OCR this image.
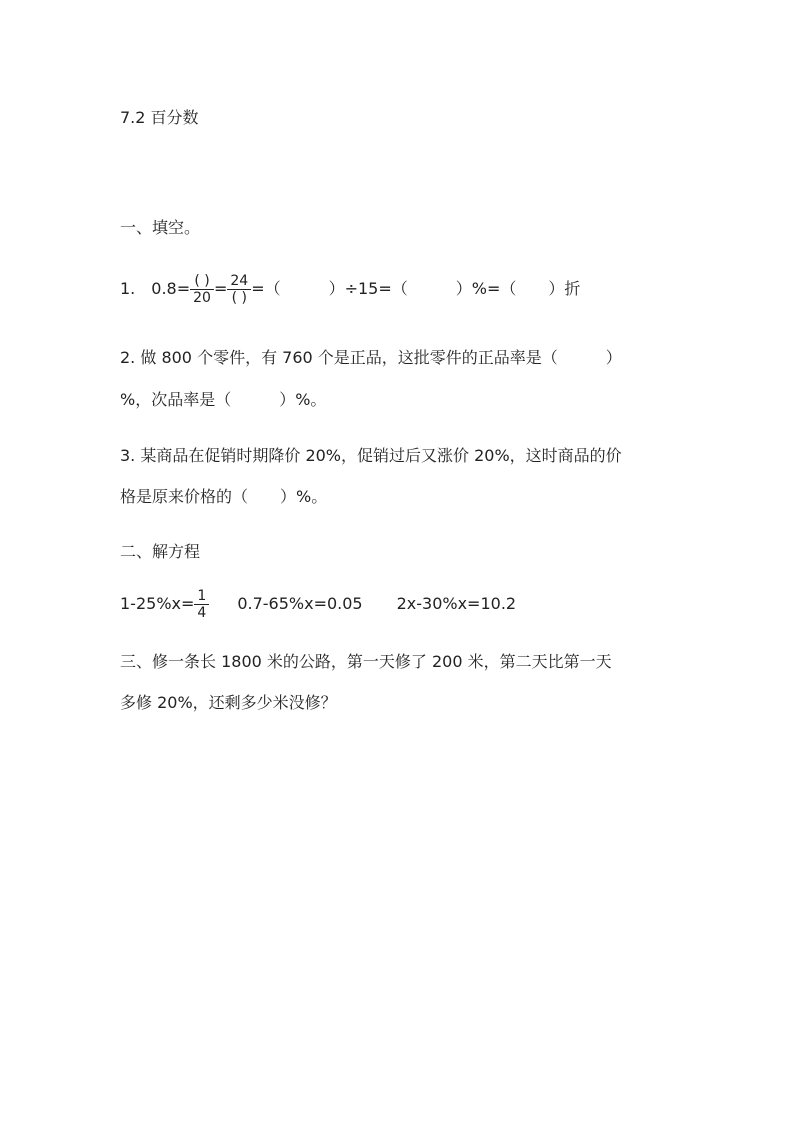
7.2 百分数
一、填空。
1. $0.8= \frac{( )}{20} = \frac{24}{( )}$ =（　　　）÷15=（　　　）%=（　　）折
2. 做 800 个零件，有 760 个是正品，这批零件的正品率是（　　　）
%，次品率是（　　　）%。
3. 某商品在促销时期降价 20%，促销过后又涨价 20%，这时商品的价
格是原来价格的（　　）%。
二、解方程
$1-25\%x= \frac{1}{4} 0.7-65\%x=0.05$ 2x-30%x=10.2
三、修一条长 1800 米的公路，第一天修了 200 米，第二天比第一天
多修 20%，还剩多少米没修？
